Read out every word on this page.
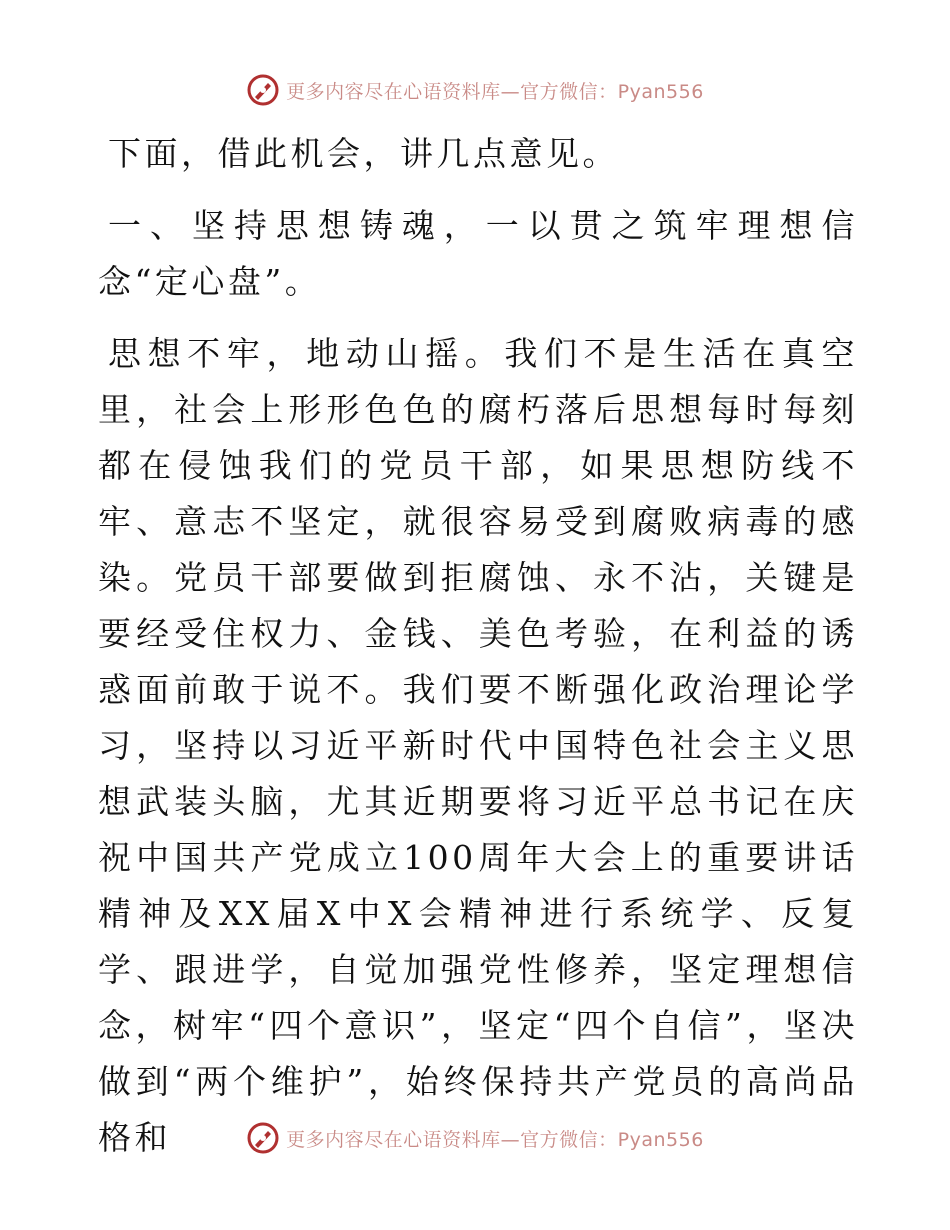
更多内容尽在心语资料库—官方微信：Pyan556

下面，借此机会，讲几点意见。

一、坚持思想铸魂，一以贯之筑牢理想信念“定心盘”。

思想不牢，地动山摇。我们不是生活在真空里，社会上形形色色的腐朽落后思想每时每刻都在侵蚀我们的党员干部，如果思想防线不牢、意志不坚定，就很容易受到腐败病毒的感染。党员干部要做到拒腐蚀、永不沾，关键是要经受住权力、金钱、美色考验，在利益的诱惑面前敢于说不。我们要不断强化政治理论学习，坚持以习近平新时代中国特色社会主义思想武装头脑，尤其近期要将习近平总书记在庆祝中国共产党成立100周年大会上的重要讲话精神及XX届X中X会精神进行系统学、反复学、跟进学，自觉加强党性修养，坚定理想信念，树牢“四个意识”，坚定“四个自信”，坚决做到“两个维护”，始终保持共产党员的高尚品格和	更多内容尽在心语资料库—官方微信：Pyan556
